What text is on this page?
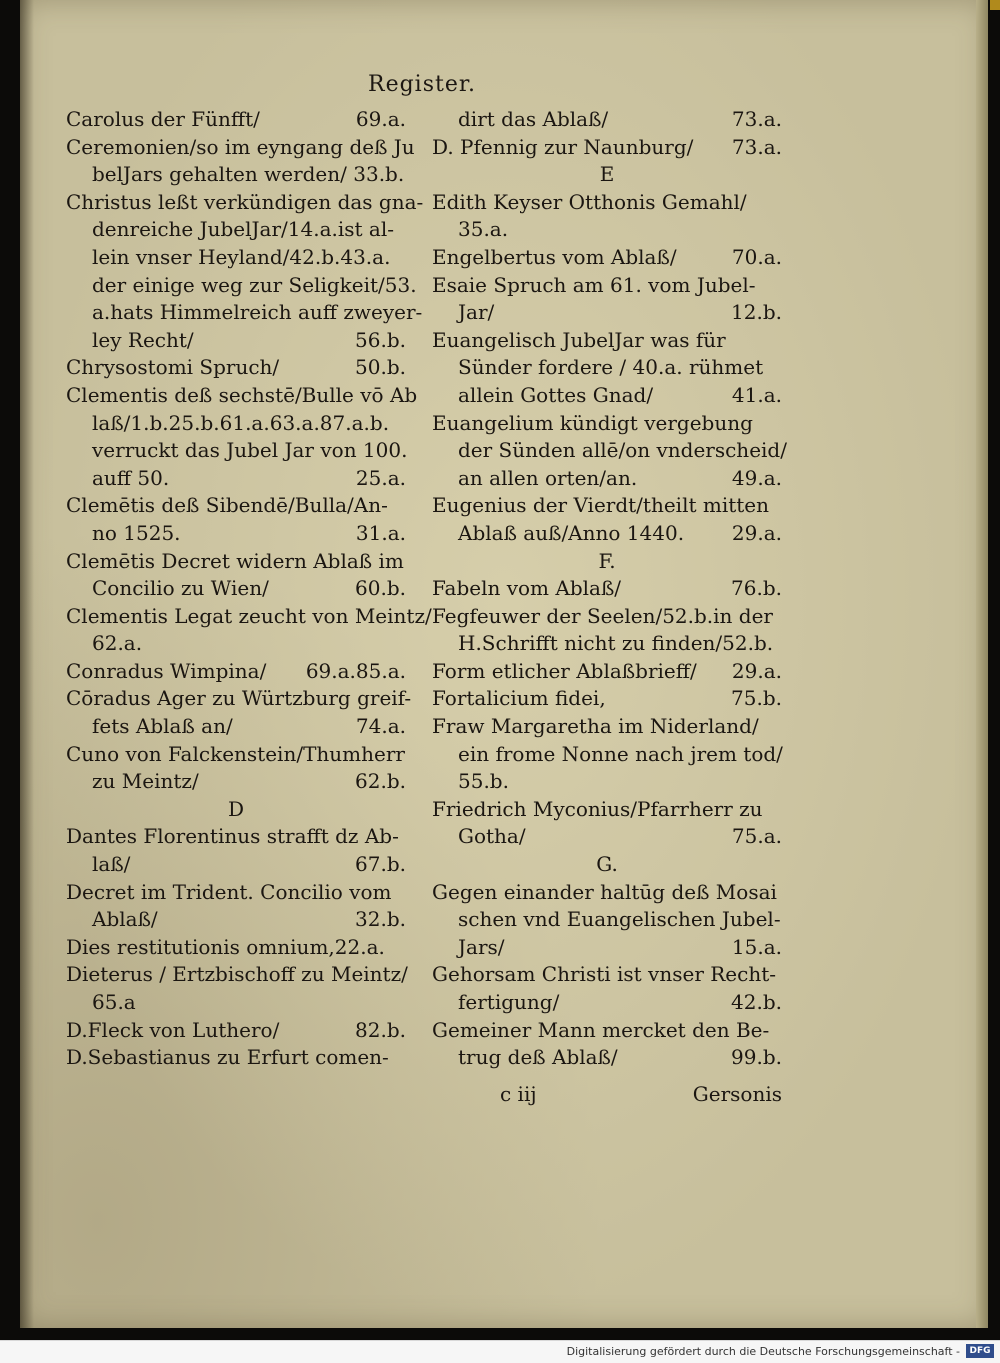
Register.
Carolus der Fünfft/	69.a.
Ceremonien/so im eyngang deß Ju
belJars gehalten werden/ 33.b.
Christus leßt verkündigen das gna-
denreiche JubelJar/14.a.ist al-
lein vnser Heyland/42.b.43.a.
der einige weg zur Seligkeit/53.
a.hats Himmelreich auff zweyer-
ley Recht/	56.b.
Chrysostomi Spruch/	50.b.
Clementis deß sechstē/Bulle vō Ab
laß/1.b.25.b.61.a.63.a.87.a.b.
verruckt das Jubel Jar von 100.
auff 50.	25.a.
Clemētis deß Sibendē/Bulla/An-
no 1525.	31.a.
Clemētis Decret widern Ablaß im
Concilio zu Wien/	60.b.
Clementis Legat zeucht von Meintz/
62.a.
Conradus Wimpina/	69.a.85.a.
Cōradus Ager zu Würtzburg greif-
fets Ablaß an/	74.a.
Cuno von Falckenstein/Thumherr
zu Meintz/	62.b.
D
Dantes Florentinus strafft dz Ab-
laß/	67.b.
Decret im Trident. Concilio vom
Ablaß/	32.b.
Dies restitutionis omnium,22.a.
Dieterus / Ertzbischoff zu Meintz/
65.a
D.Fleck von Luthero/	82.b.
D.Sebastianus zu Erfurt comen-
dirt das Ablaß/	73.a.
D. Pfennig zur Naunburg/	73.a.
E
Edith Keyser Otthonis Gemahl/
35.a.
Engelbertus vom Ablaß/	70.a.
Esaie Spruch am 61. vom Jubel-
Jar/	12.b.
Euangelisch JubelJar was für
Sünder fordere / 40.a. rühmet
allein Gottes Gnad/	41.a.
Euangelium kündigt vergebung
der Sünden allē/on vnderscheid/
an allen orten/an.	49.a.
Eugenius der Vierdt/theilt mitten
Ablaß auß/Anno 1440.	29.a.
F.
Fabeln vom Ablaß/	76.b.
Fegfeuwer der Seelen/52.b.in der
H.Schrifft nicht zu finden/52.b.
Form etlicher Ablaßbrieff/	29.a.
Fortalicium fidei,	75.b.
Fraw Margaretha im Niderland/
ein frome Nonne nach jrem tod/
55.b.
Friedrich Myconius/Pfarrherr zu
Gotha/	75.a.
G.
Gegen einander haltūg deß Mosai
schen vnd Euangelischen Jubel-
Jars/	15.a.
Gehorsam Christi ist vnser Recht-
fertigung/	42.b.
Gemeiner Mann mercket den Be-
trug deß Ablaß/	99.b.
c iij	Gersonis
Digitalisierung gefördert durch die Deutsche Forschungsgemeinschaft -	DFG
